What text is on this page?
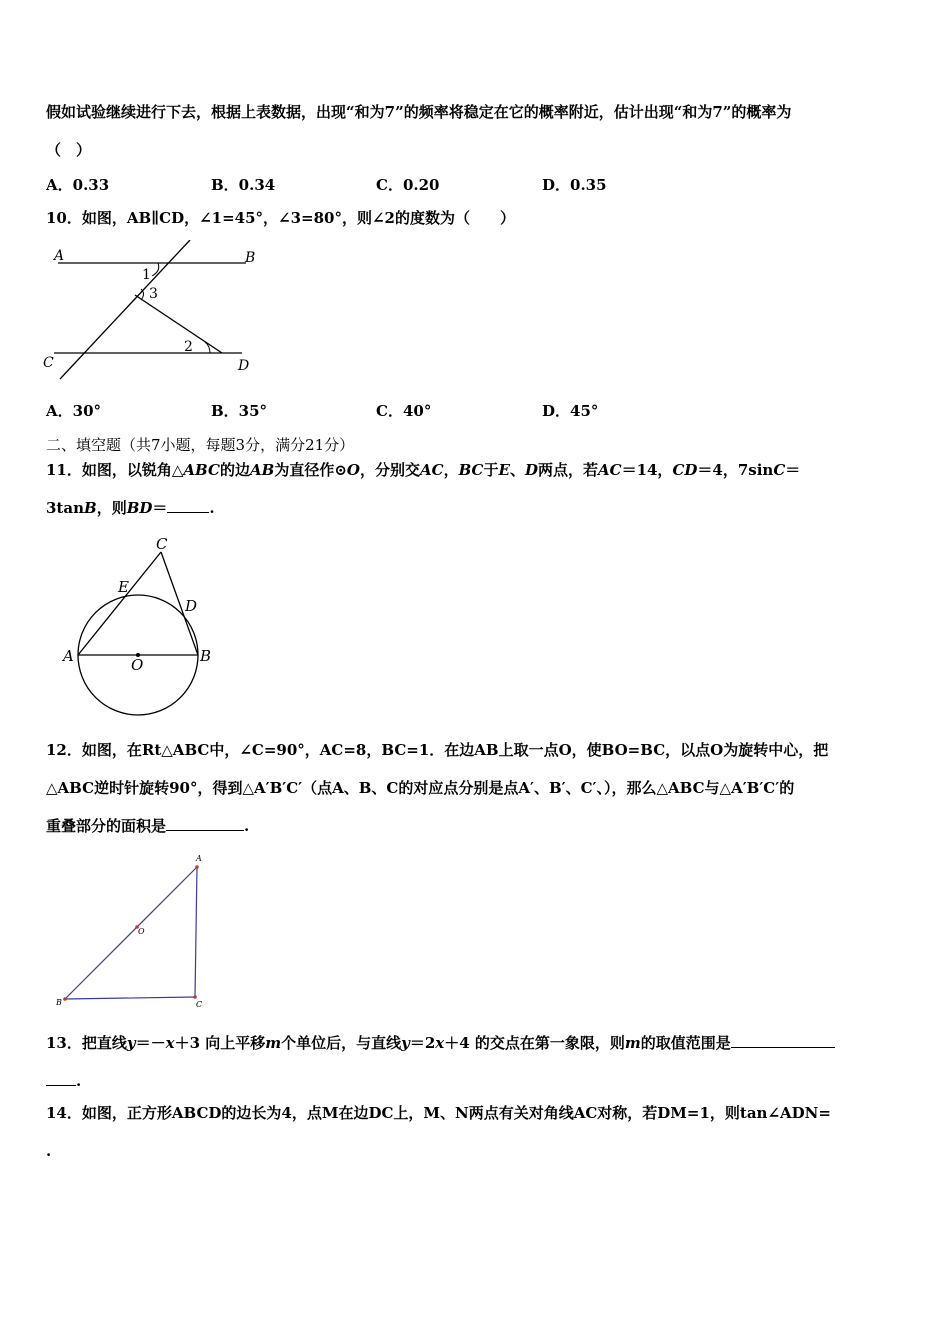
假如试验继续进行下去，根据上表数据，出现“和为7”的频率将稳定在它的概率附近，估计出现“和为7”的概率为
（　）
A．0.33	B．0.34	C．0.20	D．0.35
10．如图，AB∥CD，∠1=45°，∠3=80°，则∠2的度数为（　　）
A	B
C	D
1
3
2
A．30°	B．35°	C．40°	D．45°
二、填空题（共7小题，每题3分，满分21分）
11．如图，以锐角△ABC的边AB为直径作⊙O，分别交AC，BC于E、D两点，若AC＝14，CD＝4，7sinC＝
3tanB，则BD＝	.
C
E
D
A	O	B
12．如图，在Rt△ABC中，∠C=90°，AC=8，BC=1．在边AB上取一点O，使BO=BC，以点O为旋转中心，把
△ABC逆时针旋转90°，得到△A′B′C′（点A、B、C的对应点分别是点A′、B′、C′、），那么△ABC与△A′B′C′的
重叠部分的面积是	.
A
O
B	C
13．把直线y＝－x＋3 向上平移m个单位后，与直线y＝2x＋4 的交点在第一象限，则m的取值范围是
.
14．如图，正方形ABCD的边长为4，点M在边DC上，M、N两点有关对角线AC对称，若DM=1，则tan∠ADN=
.
